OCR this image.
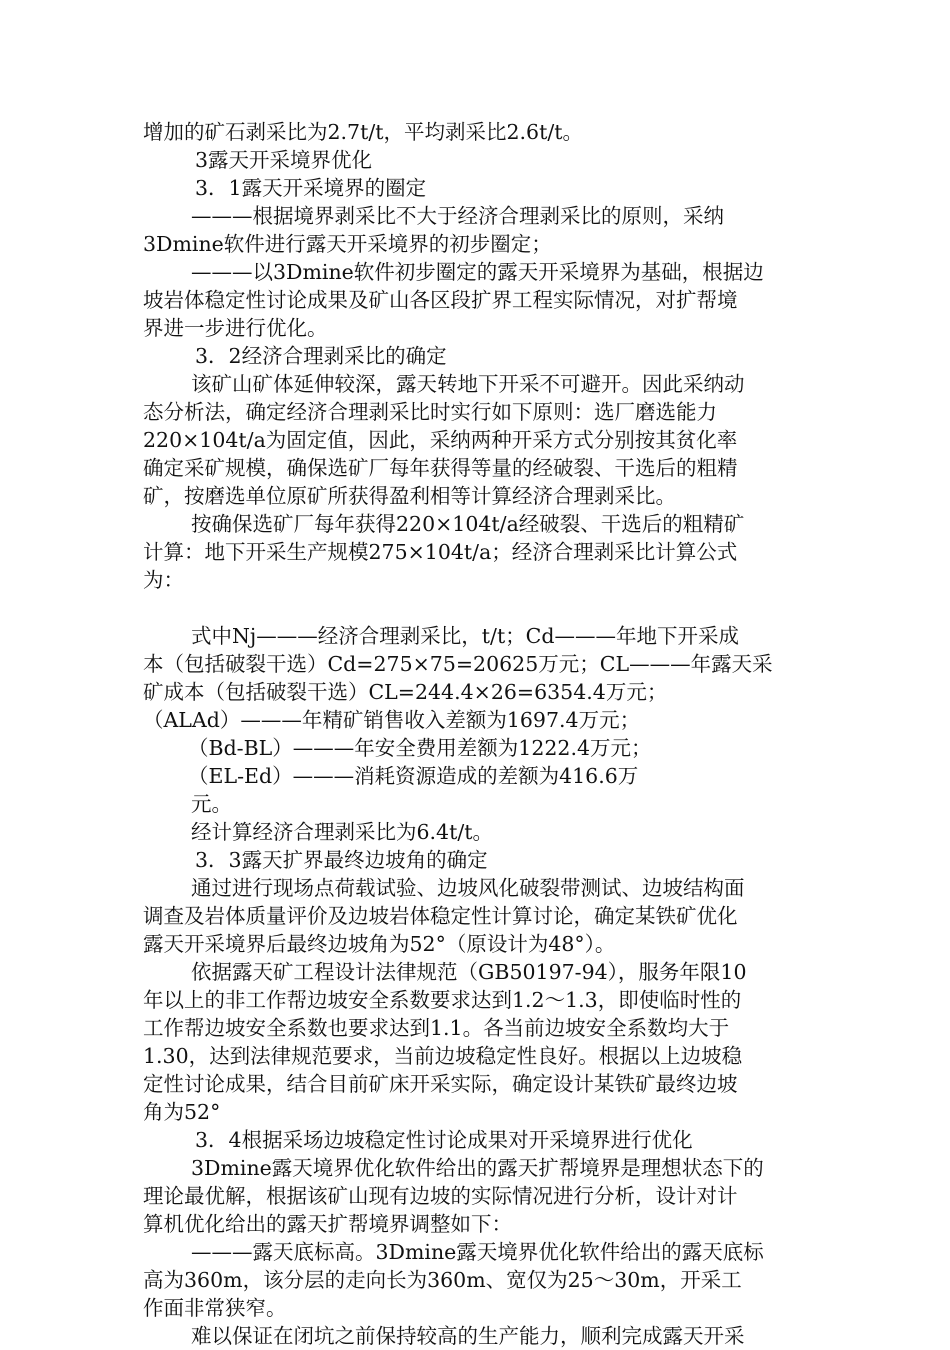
增加的矿石剥采比为2.7t/t，平均剥采比2.6t/t。
3露天开采境界优化
3．1露天开采境界的圈定
———根据境界剥采比不大于经济合理剥采比的原则，采纳
3Dmine软件进行露天开采境界的初步圈定；
———以3Dmine软件初步圈定的露天开采境界为基础，根据边
坡岩体稳定性讨论成果及矿山各区段扩界工程实际情况，对扩帮境
界进一步进行优化。
3．2经济合理剥采比的确定
该矿山矿体延伸较深，露天转地下开采不可避开。因此采纳动
态分析法，确定经济合理剥采比时实行如下原则：选厂磨选能力
220×104t/a为固定值，因此，采纳两种开采方式分别按其贫化率
确定采矿规模，确保选矿厂每年获得等量的经破裂、干选后的粗精
矿，按磨选单位原矿所获得盈利相等计算经济合理剥采比。
按确保选矿厂每年获得220×104t/a经破裂、干选后的粗精矿
计算：地下开采生产规模275×104t/a；经济合理剥采比计算公式
为：
式中Nj———经济合理剥采比，t/t；Cd———年地下开采成
本（包括破裂干选）Cd=275×75=20625万元；CL———年露天采
矿成本（包括破裂干选）CL=244.4×26=6354.4万元；
（ALAd）———年精矿销售收入差额为1697.4万元；
（Bd-BL）———年安全费用差额为1222.4万元；
（EL-Ed）———消耗资源造成的差额为416.6万
元。
经计算经济合理剥采比为6.4t/t。
3．3露天扩界最终边坡角的确定
通过进行现场点荷载试验、边坡风化破裂带测试、边坡结构面
调查及岩体质量评价及边坡岩体稳定性计算讨论，确定某铁矿优化
露天开采境界后最终边坡角为52°（原设计为48°）。
依据露天矿工程设计法律规范（GB50197-94），服务年限10
年以上的非工作帮边坡安全系数要求达到1.2～1.3，即使临时性的
工作帮边坡安全系数也要求达到1.1。各当前边坡安全系数均大于
1.30，达到法律规范要求，当前边坡稳定性良好。根据以上边坡稳
定性讨论成果，结合目前矿床开采实际，确定设计某铁矿最终边坡
角为52°
3．4根据采场边坡稳定性讨论成果对开采境界进行优化
3Dmine露天境界优化软件给出的露天扩帮境界是理想状态下的
理论最优解，根据该矿山现有边坡的实际情况进行分析，设计对计
算机优化给出的露天扩帮境界调整如下：
———露天底标高。3Dmine露天境界优化软件给出的露天底标
高为360m，该分层的走向长为360m、宽仅为25～30m，开采工
作面非常狭窄。
难以保证在闭坑之前保持较高的生产能力，顺利完成露天开采
